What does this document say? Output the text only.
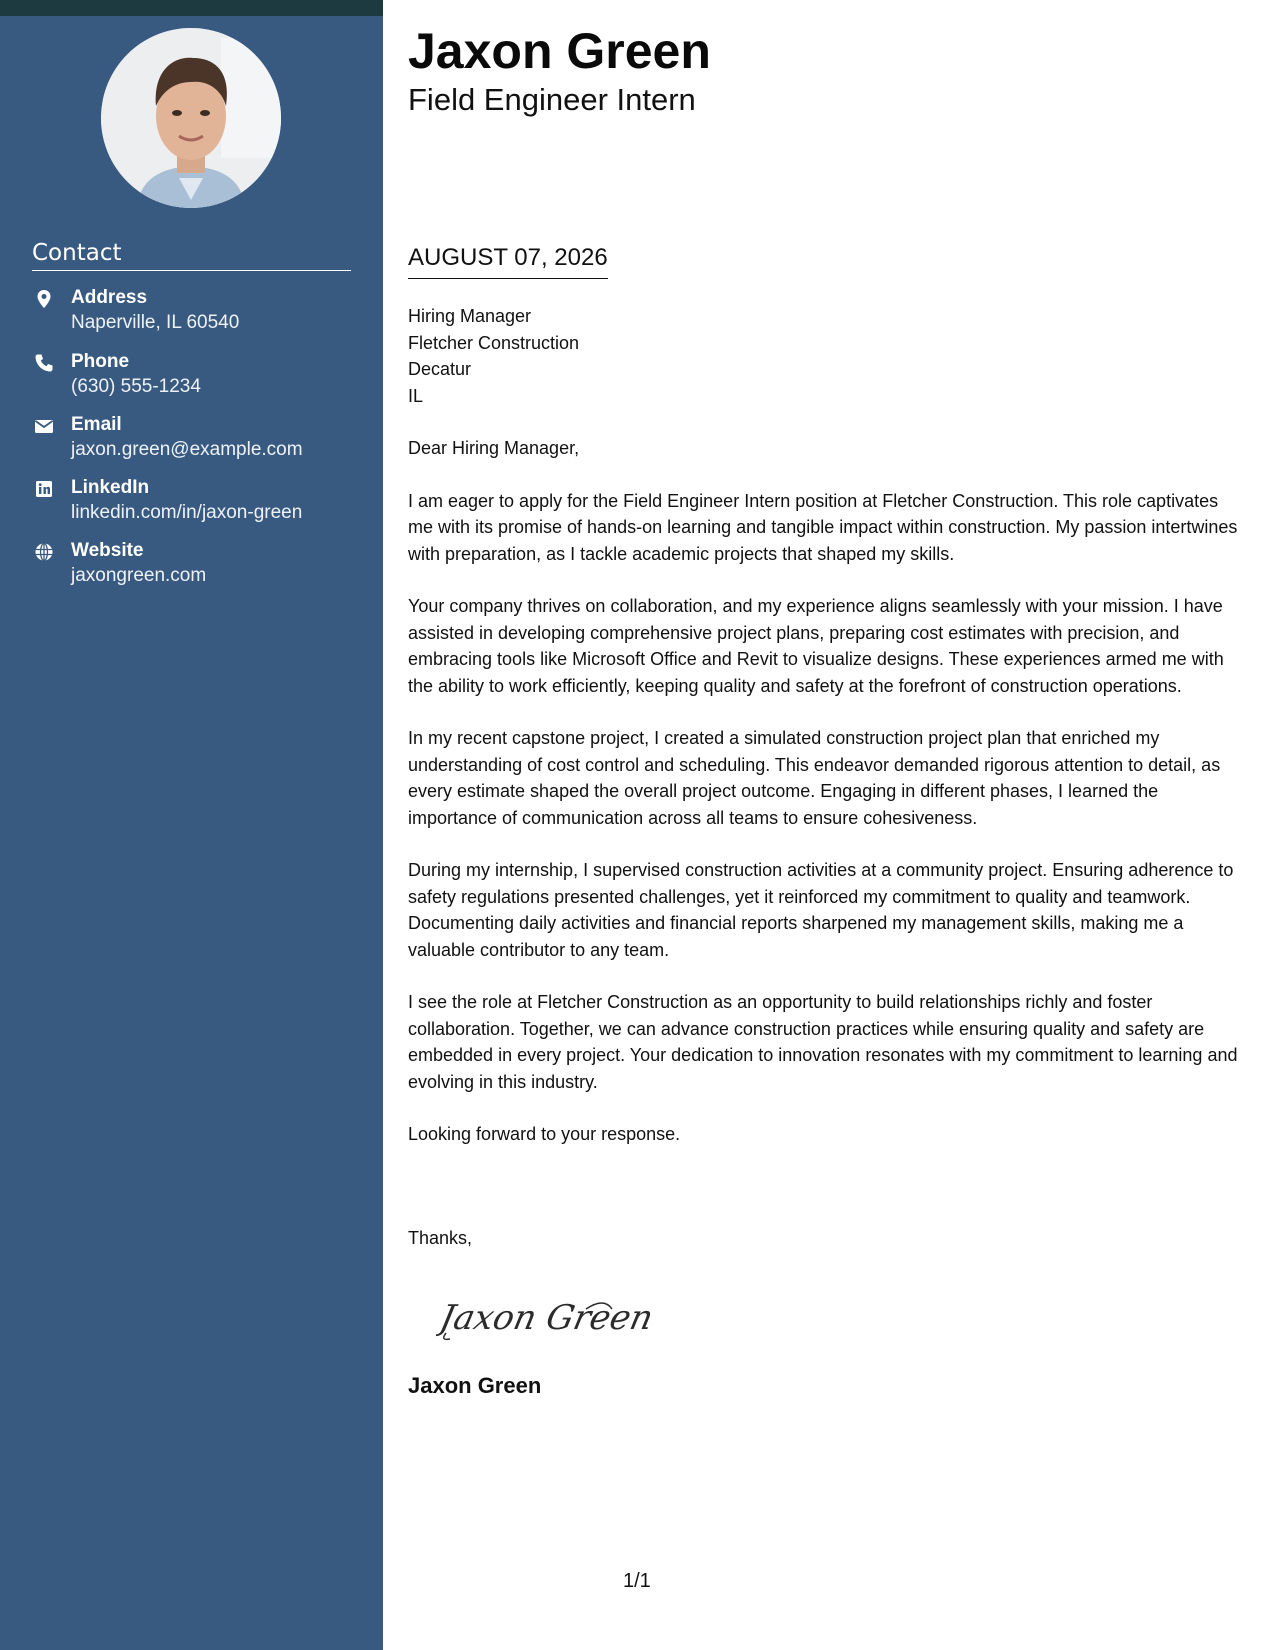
Contact
Address
Naperville, IL 60540
Phone
(630) 555-1234
Email
jaxon.green@example.com
LinkedIn
linkedin.com/in/jaxon-green
Website
jaxongreen.com
Jaxon Green
Field Engineer Intern
AUGUST 07, 2026
Hiring Manager
Fletcher Construction
Decatur
IL

Dear Hiring Manager,

I am eager to apply for the Field Engineer Intern position at Fletcher Construction. This role captivates me with its promise of hands-on learning and tangible impact within construction. My passion intertwines with preparation, as I tackle academic projects that shaped my skills.

Your company thrives on collaboration, and my experience aligns seamlessly with your mission. I have assisted in developing comprehensive project plans, preparing cost estimates with precision, and embracing tools like Microsoft Office and Revit to visualize designs. These experiences armed me with the ability to work efficiently, keeping quality and safety at the forefront of construction operations.

In my recent capstone project, I created a simulated construction project plan that enriched my understanding of cost control and scheduling. This endeavor demanded rigorous attention to detail, as every estimate shaped the overall project outcome. Engaging in different phases, I learned the importance of communication across all teams to ensure cohesiveness.

During my internship, I supervised construction activities at a community project. Ensuring adherence to safety regulations presented challenges, yet it reinforced my commitment to quality and teamwork. Documenting daily activities and financial reports sharpened my management skills, making me a valuable contributor to any team.

I see the role at Fletcher Construction as an opportunity to build relationships richly and foster collaboration. Together, we can advance construction practices while ensuring quality and safety are embedded in every project. Your dedication to innovation resonates with my commitment to learning and evolving in this industry.

Looking forward to your response.

Thanks,
Jaxon Green
Jaxon Green
1/1
